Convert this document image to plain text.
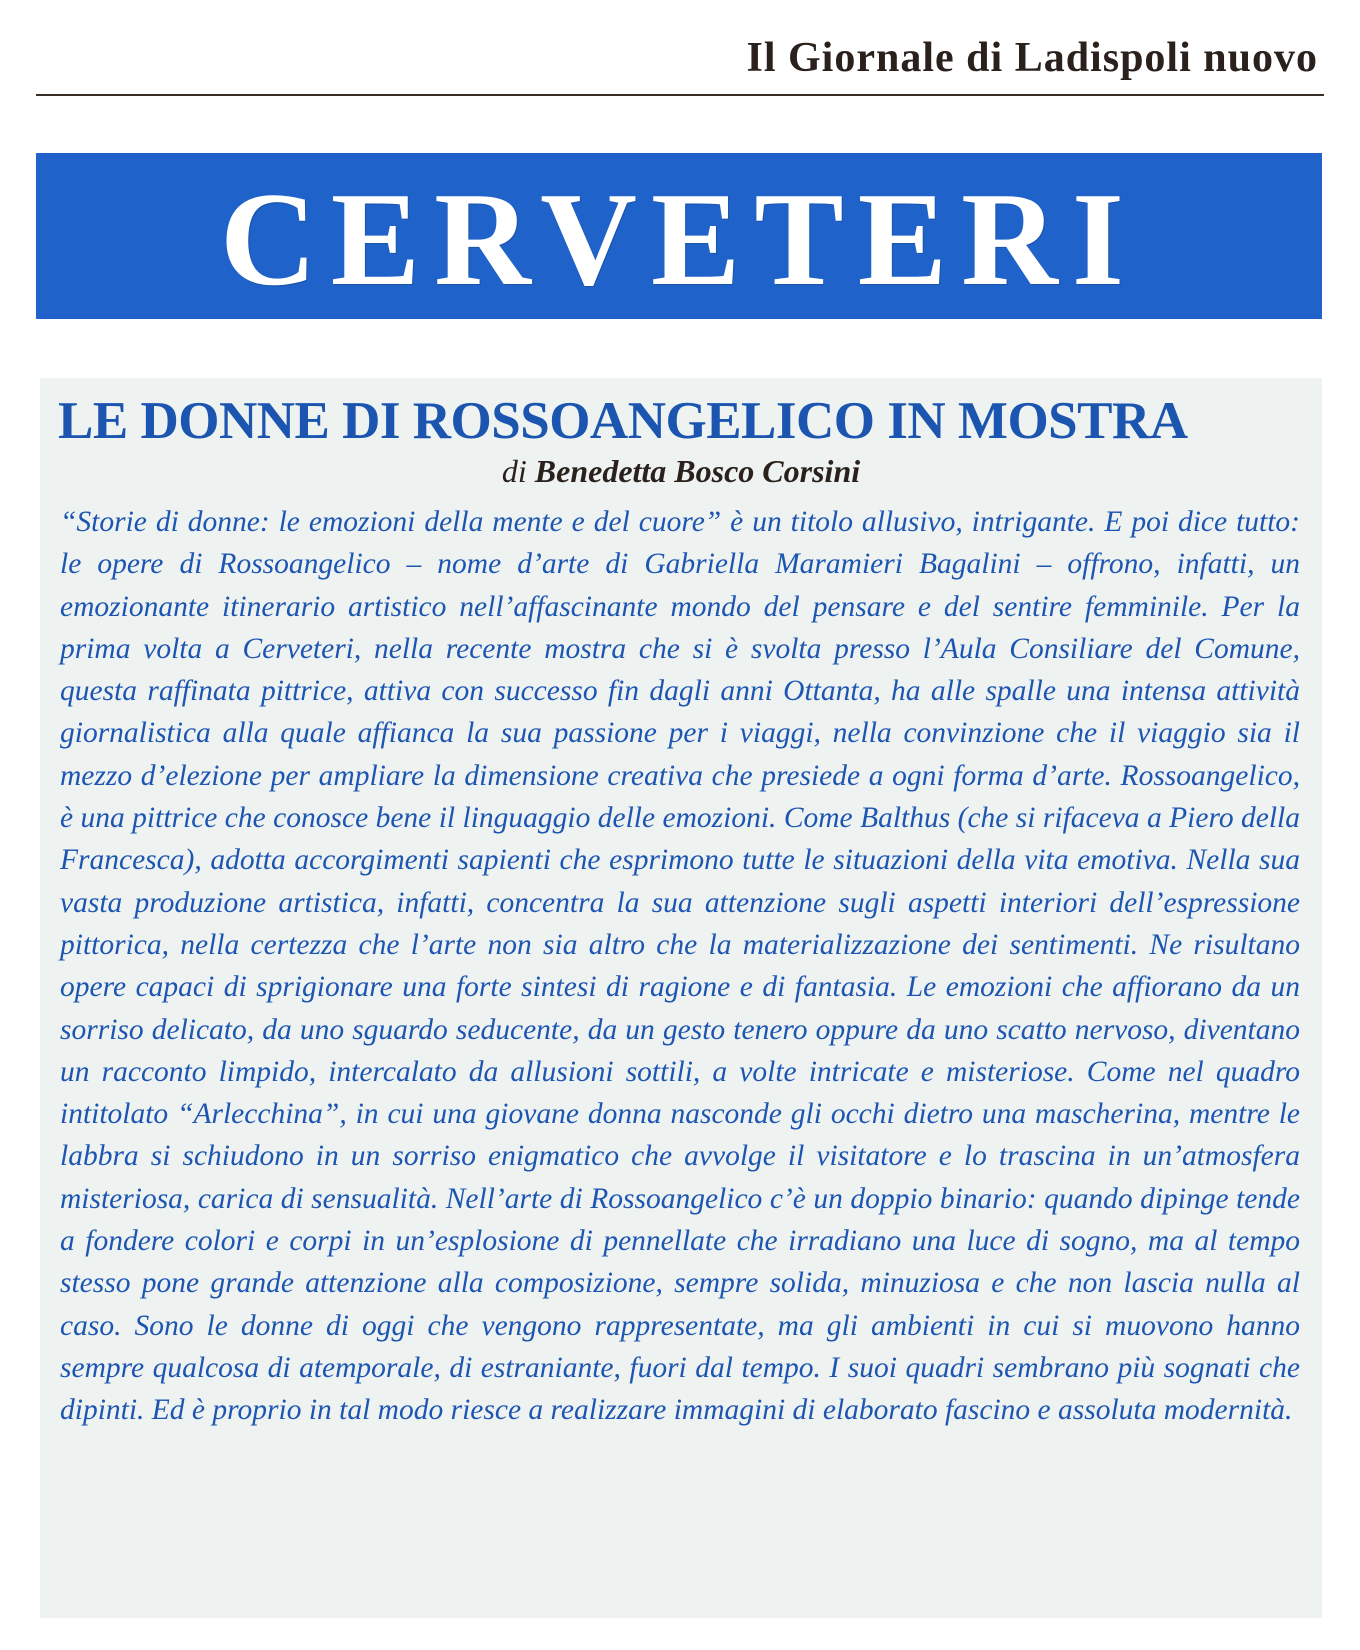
Il Giornale di Ladispoli nuovo
CERVETERI
LE DONNE DI ROSSOANGELICO IN MOSTRA
di Benedetta Bosco Corsini

“Storie di donne: le emozioni della mente e del cuore” è un titolo allusivo, intrigante. E poi dice tutto: le opere di Rossoangelico – nome d’arte di Gabriella Maramieri Bagalini – offrono, infatti, un emozionante itinerario artistico nell’affascinante mondo del pensare e del sentire femminile. Per la prima volta a Cerveteri, nella recente mostra che si è svolta presso l’Aula Consiliare del Comune, questa raffinata pittrice, attiva con successo fin dagli anni Ottanta, ha alle spalle una intensa attività giornalistica alla quale affianca la sua passione per i viaggi, nella convinzione che il viaggio sia il mezzo d’elezione per ampliare la dimensione creativa che presiede a ogni forma d’arte. Rossoangelico, è una pittrice che conosce bene il linguaggio delle emozioni. Come Balthus (che si rifaceva a Piero della Francesca), adotta accorgimenti sapienti che esprimono tutte le situazioni della vita emotiva. Nella sua vasta produzione artistica, infatti, concentra la sua attenzione sugli aspetti interiori dell’espressione pittorica, nella certezza che l’arte non sia altro che la materializzazione dei sentimenti. Ne risultano opere capaci di sprigionare una forte sintesi di ragione e di fantasia. Le emozioni che affiorano da un sorriso delicato, da uno sguardo seducente, da un gesto tenero oppure da uno scatto nervoso, diventano un racconto limpido, intercalato da allusioni sottili, a volte intricate e misteriose. Come nel quadro intitolato “Arlecchina”, in cui una giovane donna nasconde gli occhi dietro una mascherina, mentre le labbra si schiudono in un sorriso enigmatico che avvolge il visitatore e lo trascina in un’atmosfera misteriosa, carica di sensualità. Nell’arte di Rossoangelico c’è un doppio binario: quando dipinge tende a fondere colori e corpi in un’esplosione di pennellate che irradiano una luce di sogno, ma al tempo stesso pone grande attenzione alla composizione, sempre solida, minuziosa e che non lascia nulla al caso. Sono le donne di oggi che vengono rappresentate, ma gli ambienti in cui si muovono hanno sempre qualcosa di atemporale, di estraniante, fuori dal tempo. I suoi quadri sembrano più sognati che dipinti. Ed è proprio in tal modo riesce a realizzare immagini di elaborato fascino e assoluta modernità.
